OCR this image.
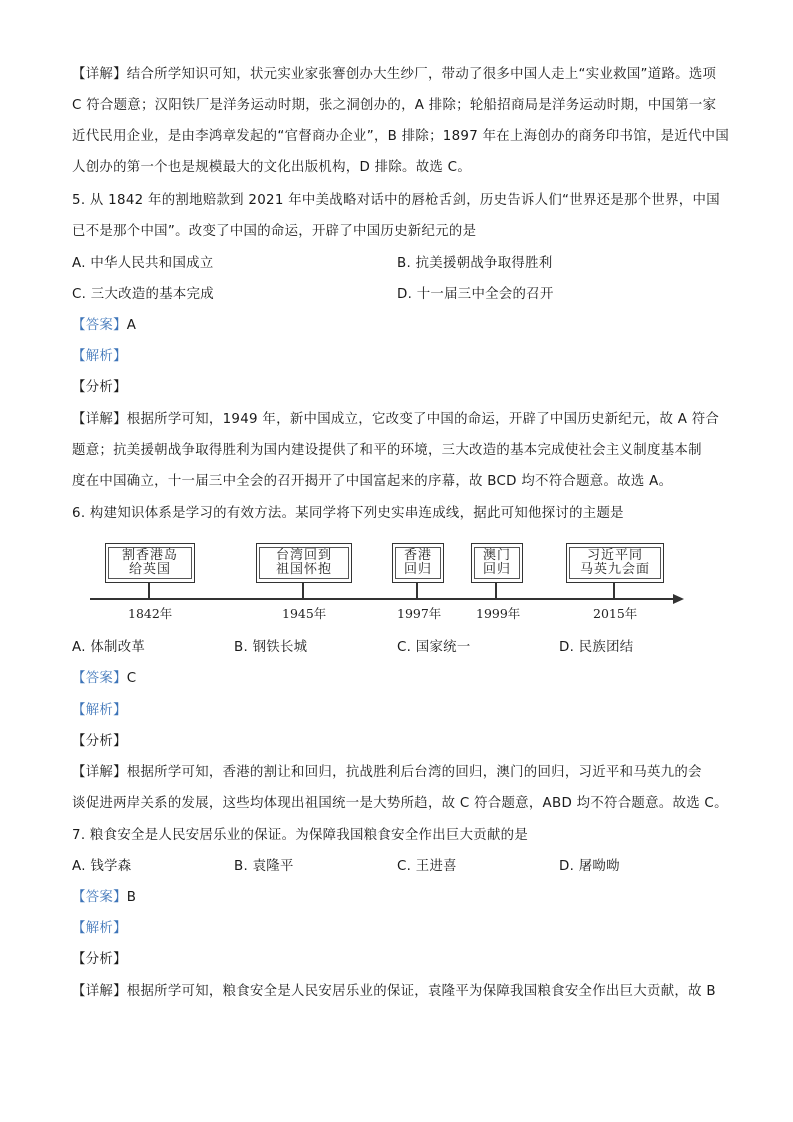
【详解】结合所学知识可知，状元实业家张謇创办大生纱厂，带动了很多中国人走上“实业救国”道路。选项
C 符合题意；汉阳铁厂是洋务运动时期，张之洞创办的，A 排除；轮船招商局是洋务运动时期，中国第一家
近代民用企业，是由李鸿章发起的“官督商办企业”，B 排除；1897 年在上海创办的商务印书馆，是近代中国
人创办的第一个也是规模最大的文化出版机构，D 排除。故选 C。
5. 从 1842 年的割地赔款到 2021 年中美战略对话中的唇枪舌剑，历史告诉人们“世界还是那个世界，中国
已不是那个中国”。改变了中国的命运，开辟了中国历史新纪元的是
A. 中华人民共和国成立	B. 抗美援朝战争取得胜利
C. 三大改造的基本完成	D. 十一届三中全会的召开
【答案】A
【解析】
【分析】
【详解】根据所学可知，1949 年，新中国成立，它改变了中国的命运，开辟了中国历史新纪元，故 A 符合
题意；抗美援朝战争取得胜利为国内建设提供了和平的环境，三大改造的基本完成使社会主义制度基本制
度在中国确立，十一届三中全会的召开揭开了中国富起来的序幕，故 BCD 均不符合题意。故选 A。
6. 构建知识体系是学习的有效方法。某同学将下列史实串连成线，据此可知他探讨的主题是
割香港岛
给英国
台湾回到
祖国怀抱
香港
回归
澳门
回归
习近平同
马英九会面
1842年	1945年	1997年	1999年	2015年
A. 体制改革	B. 钢铁长城	C. 国家统一	D. 民族团结
【答案】C
【解析】
【分析】
【详解】根据所学可知，香港的割让和回归，抗战胜利后台湾的回归，澳门的回归，习近平和马英九的会
谈促进两岸关系的发展，这些均体现出祖国统一是大势所趋，故 C 符合题意，ABD 均不符合题意。故选 C。
7. 粮食安全是人民安居乐业的保证。为保障我国粮食安全作出巨大贡献的是
A. 钱学森	B. 袁隆平	C. 王进喜	D. 屠呦呦
【答案】B
【解析】
【分析】
【详解】根据所学可知，粮食安全是人民安居乐业的保证，袁隆平为保障我国粮食安全作出巨大贡献，故 B
